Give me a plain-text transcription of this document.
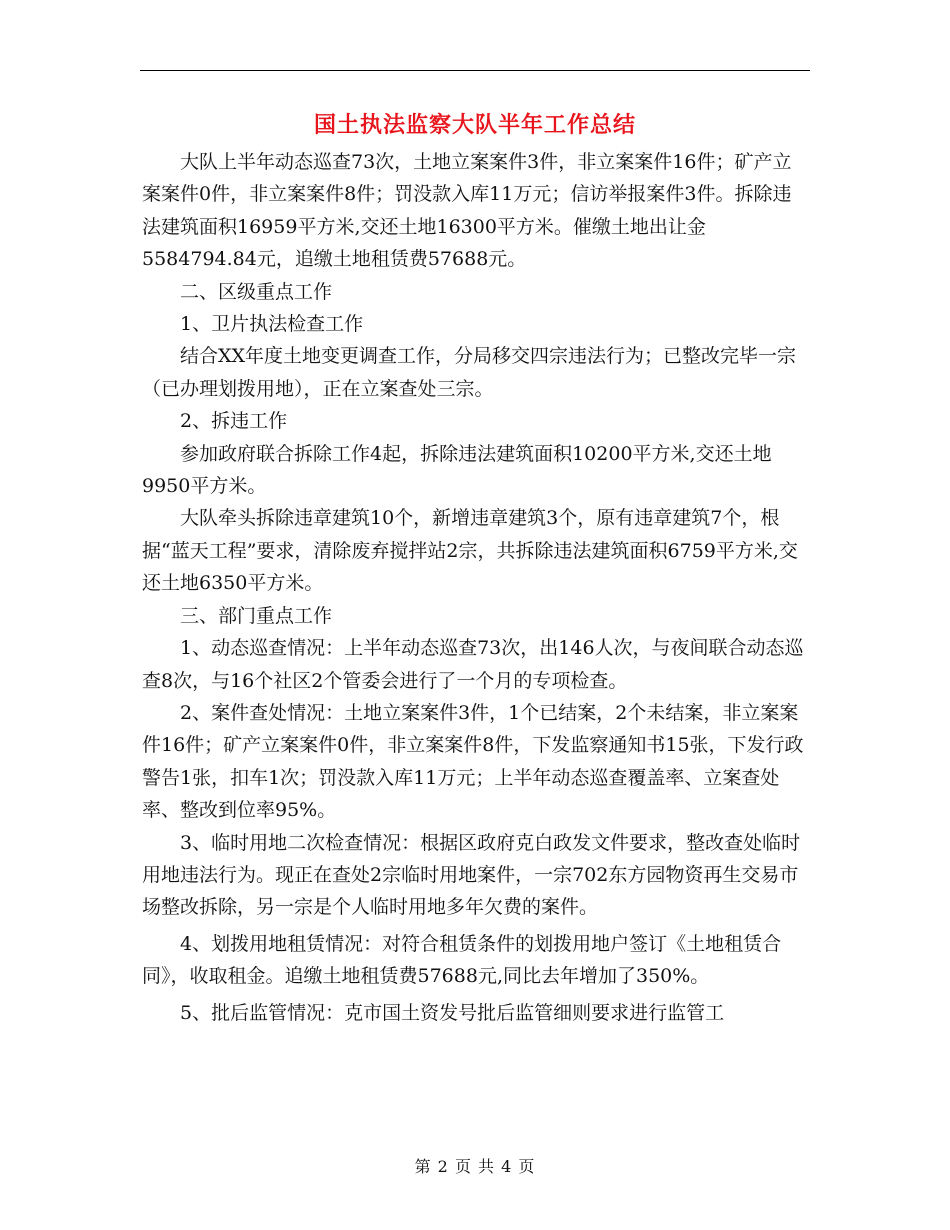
国土执法监察大队半年工作总结

大队上半年动态巡查73次，土地立案案件3件，非立案案件16件；矿产立案案件0件，非立案案件8件；罚没款入库11万元；信访举报案件3件。拆除违法建筑面积16959平方米,交还土地16300平方米。催缴土地出让金5584794.84元，追缴土地租赁费57688元。

二、区级重点工作

1、卫片执法检查工作

结合XX年度土地变更调查工作，分局移交四宗违法行为；已整改完毕一宗（已办理划拨用地），正在立案查处三宗。

2、拆违工作

参加政府联合拆除工作4起，拆除违法建筑面积10200平方米,交还土地9950平方米。

大队牵头拆除违章建筑10个，新增违章建筑3个，原有违章建筑7个，根据“蓝天工程”要求，清除废弃搅拌站2宗，共拆除违法建筑面积6759平方米,交还土地6350平方米。

三、部门重点工作

1、动态巡查情况：上半年动态巡查73次，出146人次，与夜间联合动态巡查8次，与16个社区2个管委会进行了一个月的专项检查。

2、案件查处情况：土地立案案件3件，1个已结案，2个未结案，非立案案件16件；矿产立案案件0件，非立案案件8件，下发监察通知书15张，下发行政警告1张，扣车1次；罚没款入库11万元；上半年动态巡查覆盖率、立案查处率、整改到位率95%。

3、临时用地二次检查情况：根据区政府克白政发文件要求，整改查处临时用地违法行为。现正在查处2宗临时用地案件，一宗702东方园物资再生交易市场整改拆除，另一宗是个人临时用地多年欠费的案件。

4、划拨用地租赁情况：对符合租赁条件的划拨用地户签订《土地租赁合同》，收取租金。追缴土地租赁费57688元,同比去年增加了350%。

5、批后监管情况：克市国土资发号批后监管细则要求进行监管工

第 2 页 共 4 页
